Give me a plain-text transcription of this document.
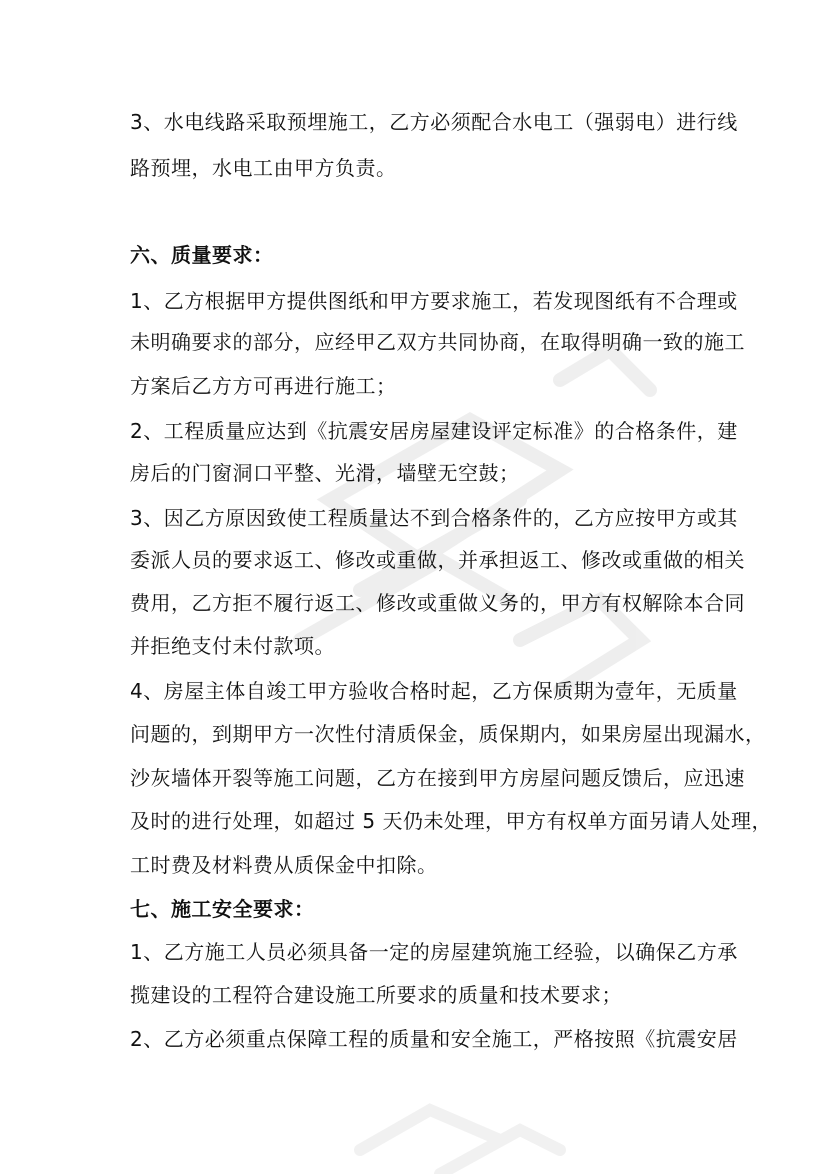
3、水电线路采取预埋施工，乙方必须配合水电工（强弱电）进行线
路预埋，水电工由甲方负责。
六、质量要求：
1、乙方根据甲方提供图纸和甲方要求施工，若发现图纸有不合理或
未明确要求的部分，应经甲乙双方共同协商，在取得明确一致的施工
方案后乙方方可再进行施工；
2、工程质量应达到《抗震安居房屋建设评定标准》的合格条件，建
房后的门窗洞口平整、光滑，墙壁无空鼓；
3、因乙方原因致使工程质量达不到合格条件的，乙方应按甲方或其
委派人员的要求返工、修改或重做，并承担返工、修改或重做的相关
费用，乙方拒不履行返工、修改或重做义务的，甲方有权解除本合同
并拒绝支付未付款项。
4、房屋主体自竣工甲方验收合格时起，乙方保质期为壹年，无质量
问题的，到期甲方一次性付清质保金，质保期内，如果房屋出现漏水，
沙灰墙体开裂等施工问题，乙方在接到甲方房屋问题反馈后，应迅速
及时的进行处理，如超过 5 天仍未处理，甲方有权单方面另请人处理，
工时费及材料费从质保金中扣除。
七、施工安全要求：
1、乙方施工人员必须具备一定的房屋建筑施工经验，以确保乙方承
揽建设的工程符合建设施工所要求的质量和技术要求；
2、乙方必须重点保障工程的质量和安全施工，严格按照《抗震安居
